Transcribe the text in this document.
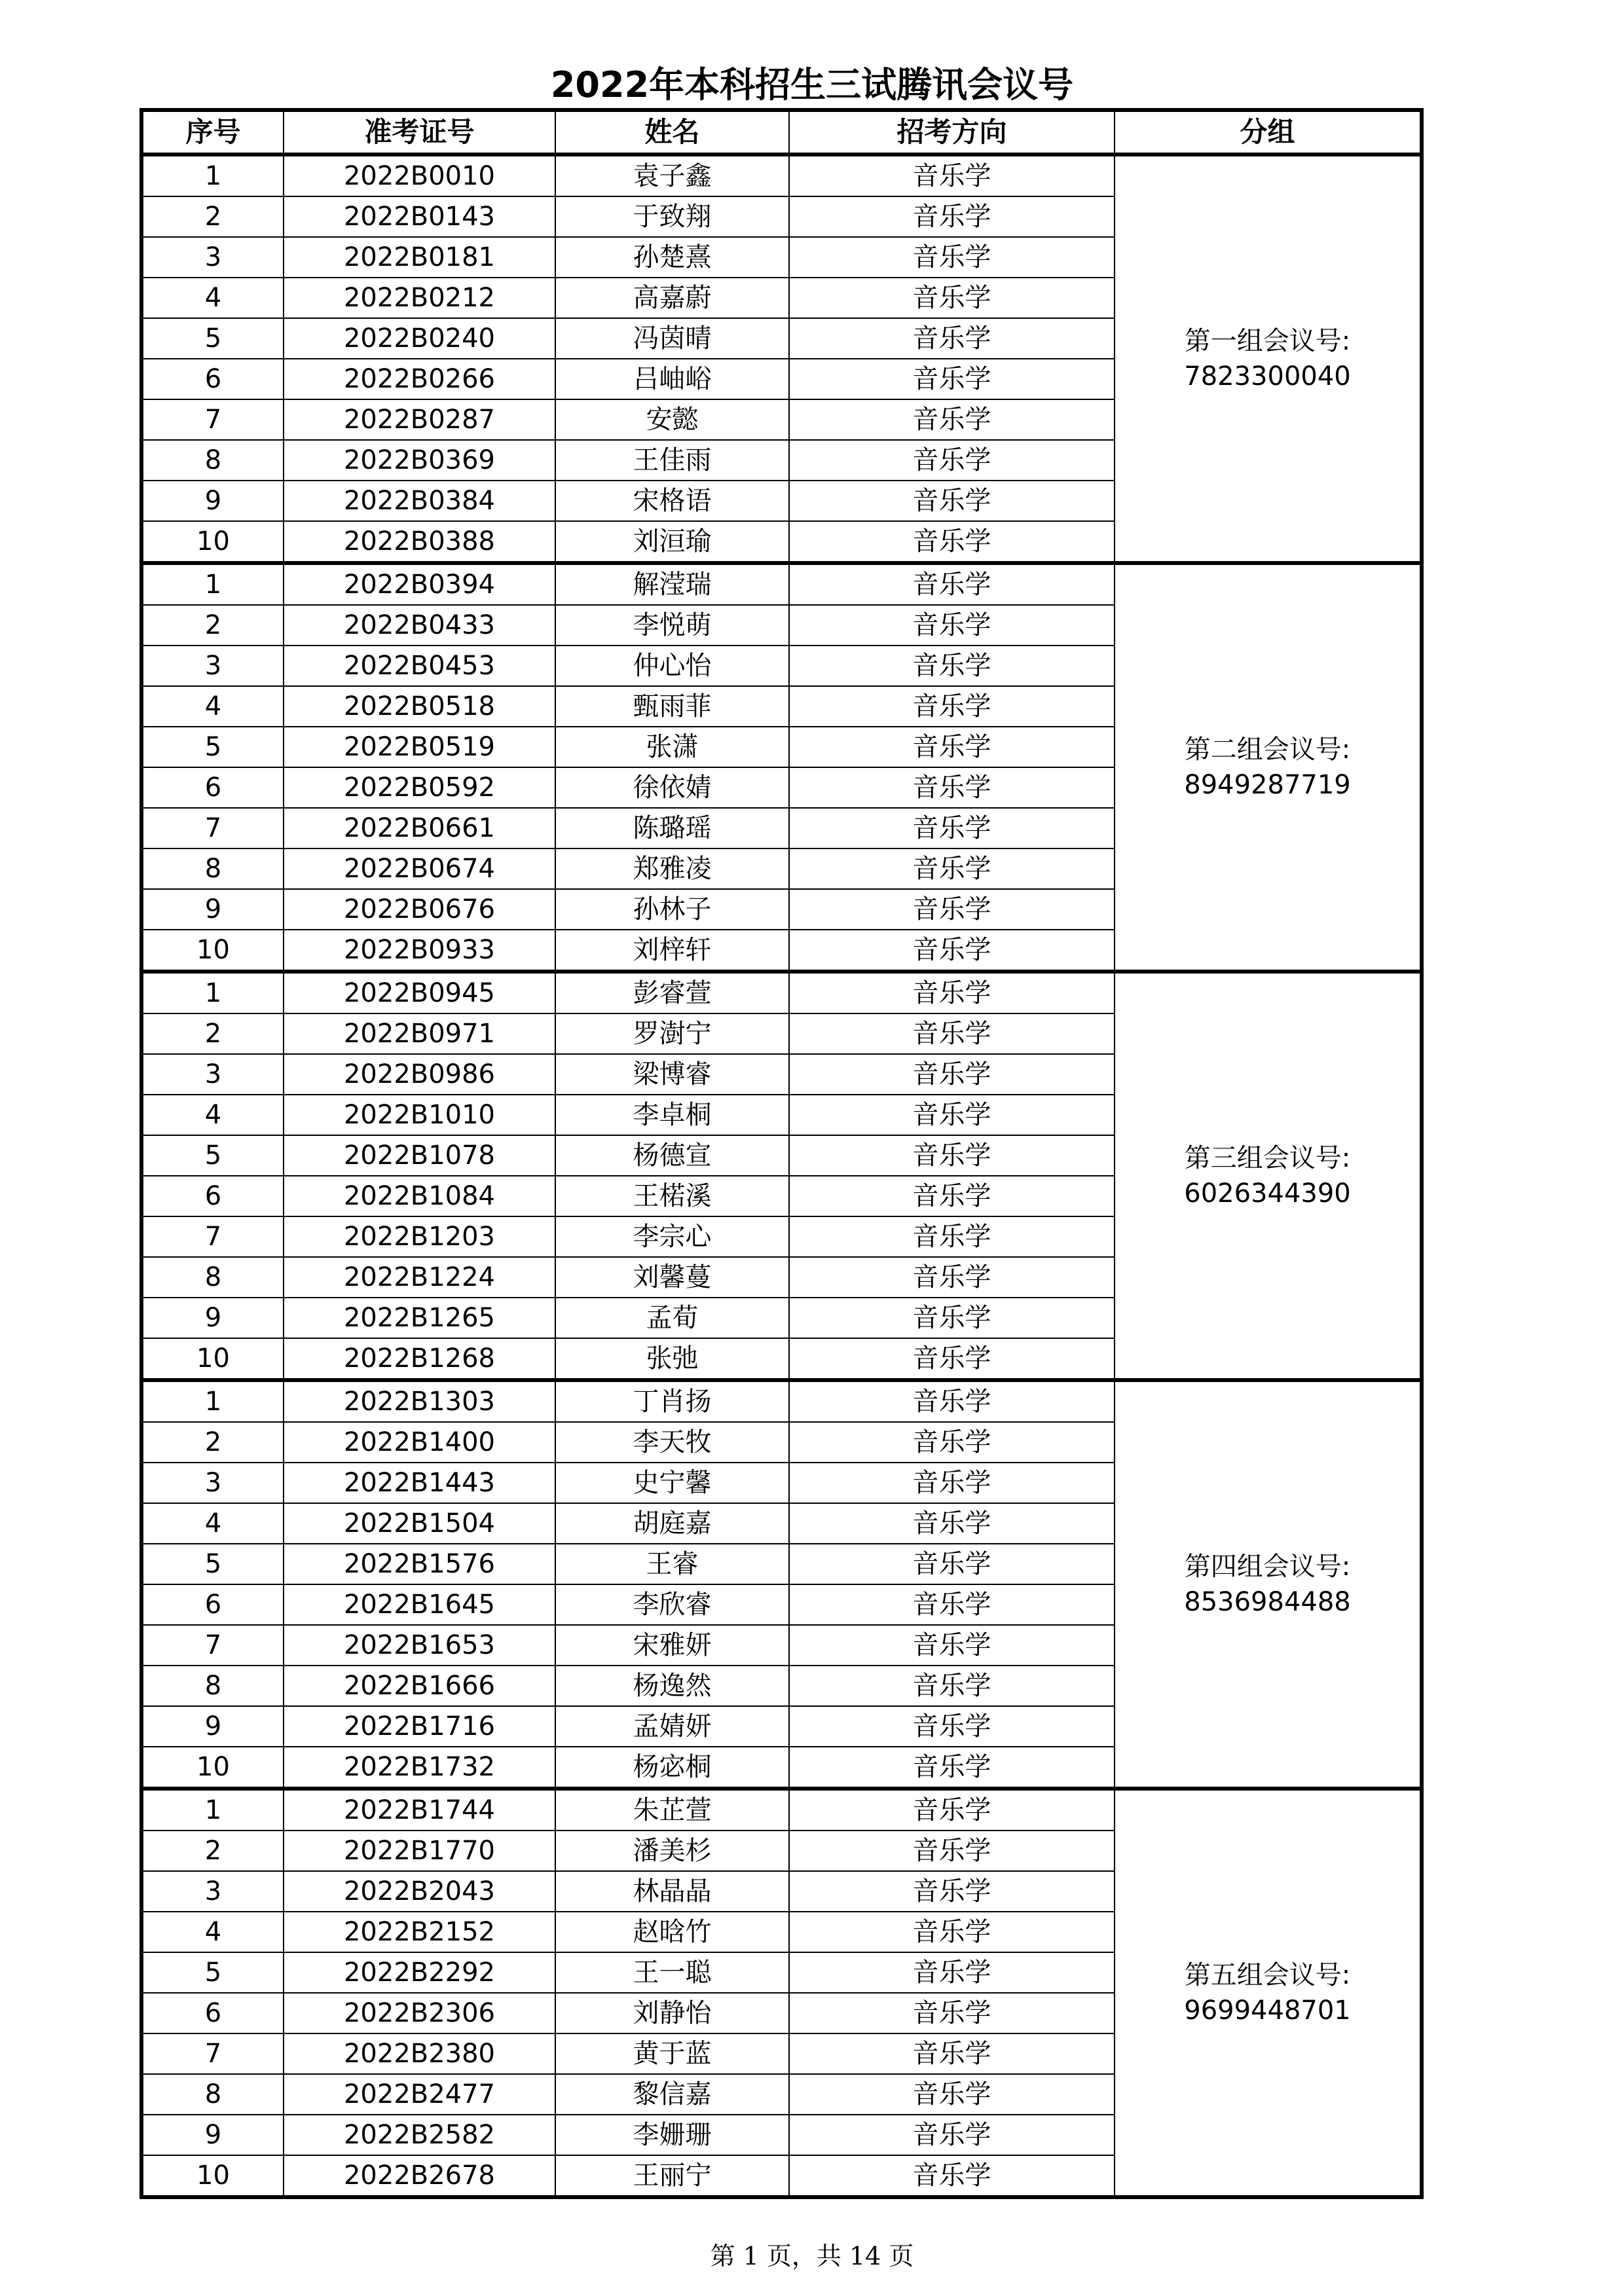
2022年本科招生三试腾讯会议号
序号	准考证号	姓名	招考方向	分组
1	2022B0010	袁子鑫	音乐学	第一组会议号:
7823300040

2	2022B0143	于致翔	音乐学	
3	2022B0181	孙楚熹	音乐学	
4	2022B0212	高嘉蔚	音乐学	
5	2022B0240	冯茵晴	音乐学	
6	2022B0266	吕岫峪	音乐学	
7	2022B0287	安懿	音乐学	
8	2022B0369	王佳雨	音乐学	
9	2022B0384	宋格语	音乐学	
10	2022B0388	刘洹瑜	音乐学	
1	2022B0394	解滢瑞	音乐学	第二组会议号:
8949287719

2	2022B0433	李悦萌	音乐学	
3	2022B0453	仲心怡	音乐学	
4	2022B0518	甄雨菲	音乐学	
5	2022B0519	张潇	音乐学	
6	2022B0592	徐依婧	音乐学	
7	2022B0661	陈璐瑶	音乐学	
8	2022B0674	郑雅凌	音乐学	
9	2022B0676	孙林子	音乐学	
10	2022B0933	刘梓轩	音乐学	
1	2022B0945	彭睿萱	音乐学	第三组会议号:
6026344390

2	2022B0971	罗澍宁	音乐学	
3	2022B0986	梁博睿	音乐学	
4	2022B1010	李卓桐	音乐学	
5	2022B1078	杨德宣	音乐学	
6	2022B1084	王楉溪	音乐学	
7	2022B1203	李宗心	音乐学	
8	2022B1224	刘馨蔓	音乐学	
9	2022B1265	孟荀	音乐学	
10	2022B1268	张弛	音乐学	
1	2022B1303	丁肖扬	音乐学	第四组会议号:
8536984488

2	2022B1400	李天牧	音乐学	
3	2022B1443	史宁馨	音乐学	
4	2022B1504	胡庭嘉	音乐学	
5	2022B1576	王睿	音乐学	
6	2022B1645	李欣睿	音乐学	
7	2022B1653	宋雅妍	音乐学	
8	2022B1666	杨逸然	音乐学	
9	2022B1716	孟婧妍	音乐学	
10	2022B1732	杨宓桐	音乐学	
1	2022B1744	朱芷萱	音乐学	第五组会议号:
9699448701

2	2022B1770	潘美杉	音乐学	
3	2022B2043	林晶晶	音乐学	
4	2022B2152	赵晗竹	音乐学	
5	2022B2292	王一聪	音乐学	
6	2022B2306	刘静怡	音乐学	
7	2022B2380	黄于蓝	音乐学	
8	2022B2477	黎信嘉	音乐学	
9	2022B2582	李姗珊	音乐学	
10	2022B2678	王丽宁	音乐学	
第 1 页，共 14 页
